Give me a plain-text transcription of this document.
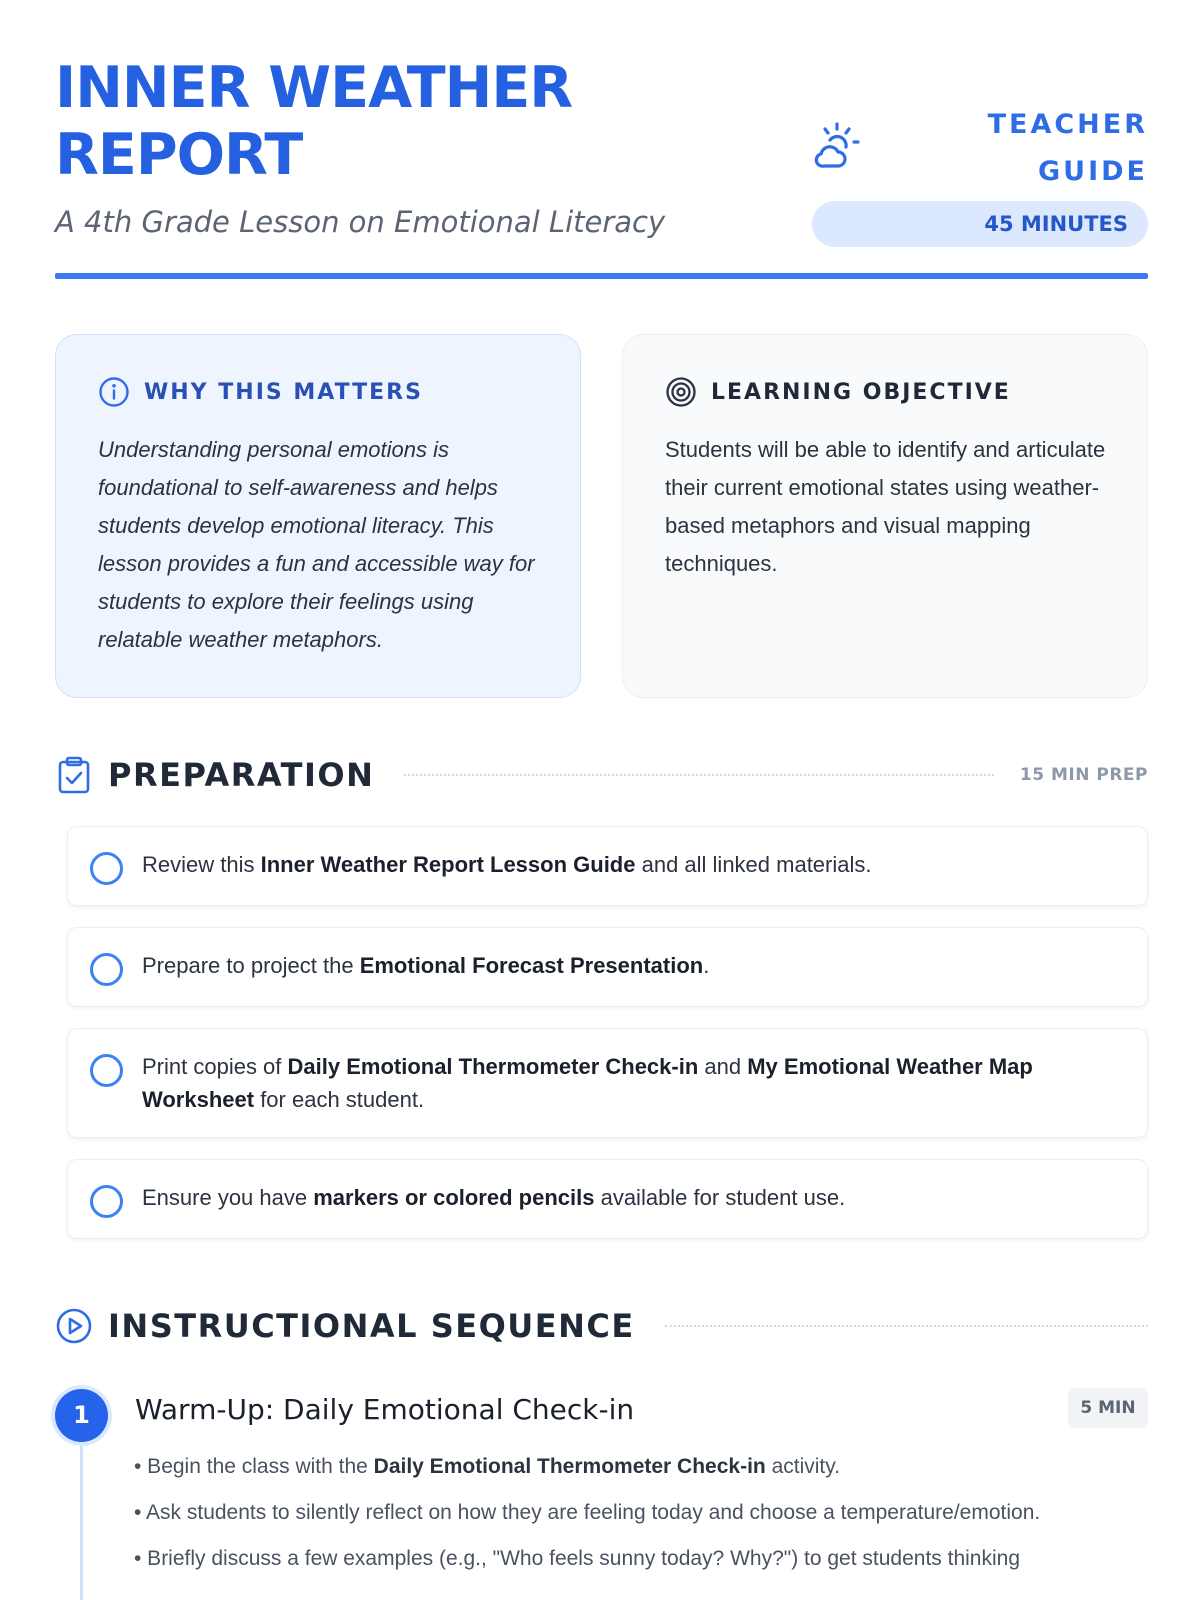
INNER WEATHER
REPORT
A 4th Grade Lesson on Emotional Literacy
TEACHER
GUIDE
45 MINUTES
WHY THIS MATTERS
Understanding personal emotions is foundational to self-awareness and helps students develop emotional literacy. This lesson provides a fun and accessible way for students to explore their feelings using relatable weather metaphors.
LEARNING OBJECTIVE
Students will be able to identify and articulate their current emotional states using weather-based metaphors and visual mapping techniques.
PREPARATION	15 MIN PREP
Review this Inner Weather Report Lesson Guide and all linked materials.
Prepare to project the Emotional Forecast Presentation.
Print copies of Daily Emotional Thermometer Check-in and My Emotional Weather Map Worksheet for each student.
Ensure you have markers or colored pencils available for student use.
INSTRUCTIONAL SEQUENCE
1	Warm-Up: Daily Emotional Check-in	5 MIN

• Begin the class with the Daily Emotional Thermometer Check-in activity.

• Ask students to silently reflect on how they are feeling today and choose a temperature/emotion.

• Briefly discuss a few examples (e.g., "Who feels sunny today? Why?") to get students thinking
